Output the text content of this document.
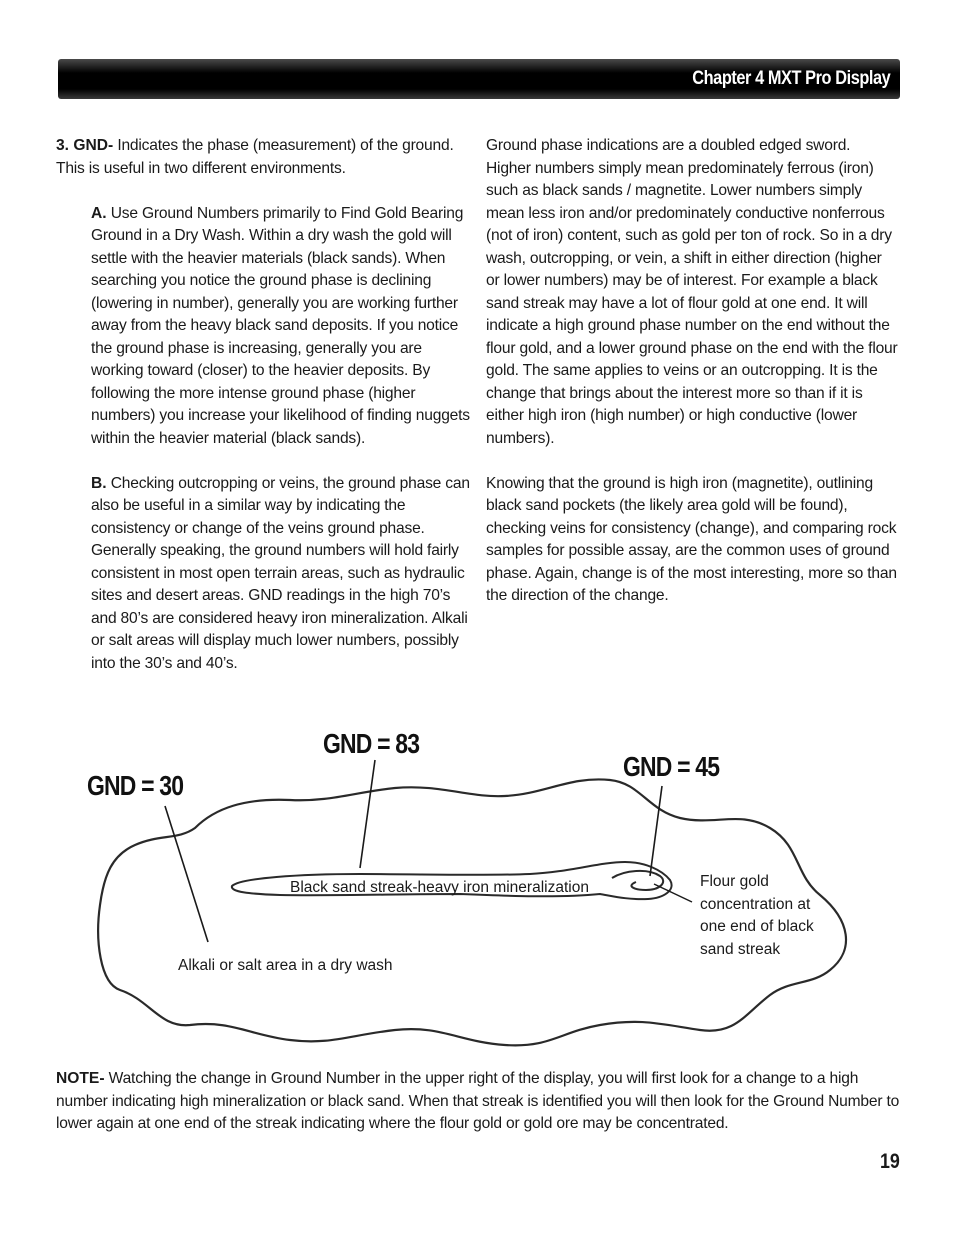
Chapter 4 MXT Pro Display

3. GND- Indicates the phase (measurement) of the ground. This is useful in two different environments.

A. Use Ground Numbers primarily to Find Gold Bearing Ground in a Dry Wash. Within a dry wash the gold will settle with the heavier materials (black sands). When searching you notice the ground phase is declining (lowering in number), generally you are working further away from the heavy black sand deposits. If you notice the ground phase is increasing, generally you are working toward (closer) to the heavier deposits. By following the more intense ground phase (higher numbers) you increase your likelihood of finding nuggets within the heavier material (black sands).

B. Checking outcropping or veins, the ground phase can also be useful in a similar way by indicating the consistency or change of the veins ground phase. Generally speaking, the ground numbers will hold fairly consistent in most open terrain areas, such as hydraulic sites and desert areas. GND readings in the high 70’s and 80’s are considered heavy iron mineralization. Alkali or salt areas will display much lower numbers, possibly into the 30’s and 40’s.

Ground phase indications are a doubled edged sword. Higher numbers simply mean predominately ferrous (iron) such as black sands / magnetite. Lower numbers simply mean less iron and/or predominately conductive nonferrous (not of iron) content, such as gold per ton of rock. So in a dry wash, outcropping, or vein, a shift in either direction (higher or lower numbers) may be of interest. For example a black sand streak may have a lot of flour gold at one end. It will indicate a high ground phase number on the end without the flour gold, and a lower ground phase on the end with the flour gold. The same applies to veins or an outcropping. It is the change that brings about the interest more so than if it is either high iron (high number) or high conductive (lower numbers).

Knowing that the ground is high iron (magnetite), outlining black sand pockets (the likely area gold will be found), checking veins for consistency (change), and comparing rock samples for possible assay, are the common uses of ground phase. Again, change is of the most interesting, more so than the direction of the change.

GND = 30
GND = 83
GND = 45
Black sand streak-heavy iron mineralization
Alkali or salt area in a dry wash
Flour gold
concentration at
one end of black
sand streak
NOTE- Watching the change in Ground Number in the upper right of the display, you will first look for a change to a high number indicating high mineralization or black sand. When that streak is identified you will then look for the Ground Number to lower again at one end of the streak indicating where the flour gold or gold ore may be concentrated.
19
